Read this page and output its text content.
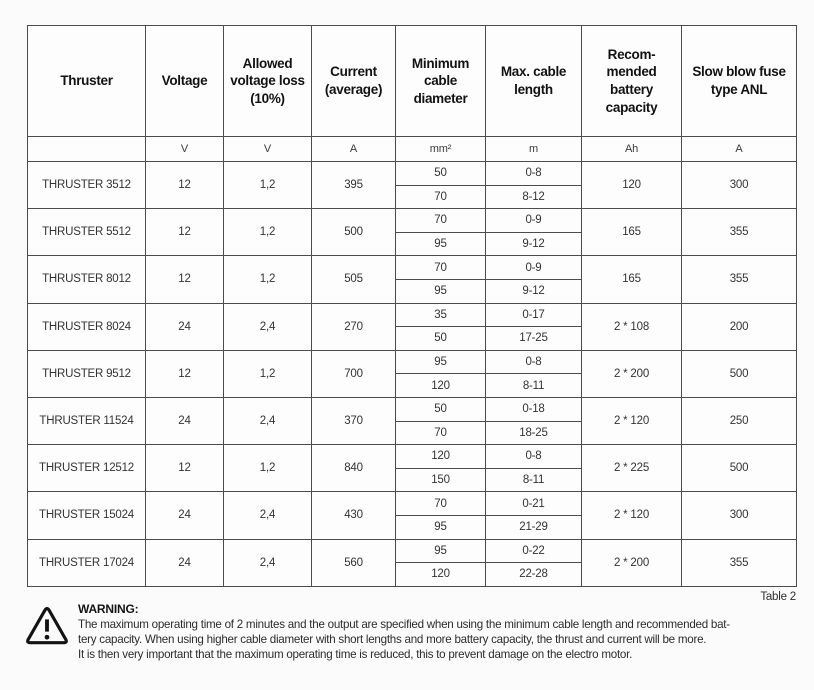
Thruster	Voltage	Allowed voltage loss (10%)	Current (average)	Minimum cable diameter	Max. cable length	Recom- mended battery capacity	Slow blow fuse type ANL
	V	V	A	mm²	m	Ah	A
THRUSTER 3512	12	1,2	395	50	0-8	120	300
				70	8-12		
THRUSTER 5512	12	1,2	500	70	0-9	165	355
				95	9-12		
THRUSTER 8012	12	1,2	505	70	0-9	165	355
				95	9-12		
THRUSTER 8024	24	2,4	270	35	0-17	2 * 108	200
				50	17-25		
THRUSTER 9512	12	1,2	700	95	0-8	2 * 200	500
				120	8-11		
THRUSTER 11524	24	2,4	370	50	0-18	2 * 120	250
				70	18-25		
THRUSTER 12512	12	1,2	840	120	0-8	2 * 225	500
				150	8-11		
THRUSTER 15024	24	2,4	430	70	0-21	2 * 120	300
				95	21-29		
THRUSTER 17024	24	2,4	560	95	0-22	2 * 200	355
				120	22-28		
Table 2
WARNING:
The maximum operating time of 2 minutes and the output are specified when using the minimum cable length and recommended bat-
tery capacity. When using higher cable diameter with short lengths and more battery capacity, the thrust and current will be more.
It is then very important that the maximum operating time is reduced, this to prevent damage on the electro motor.
